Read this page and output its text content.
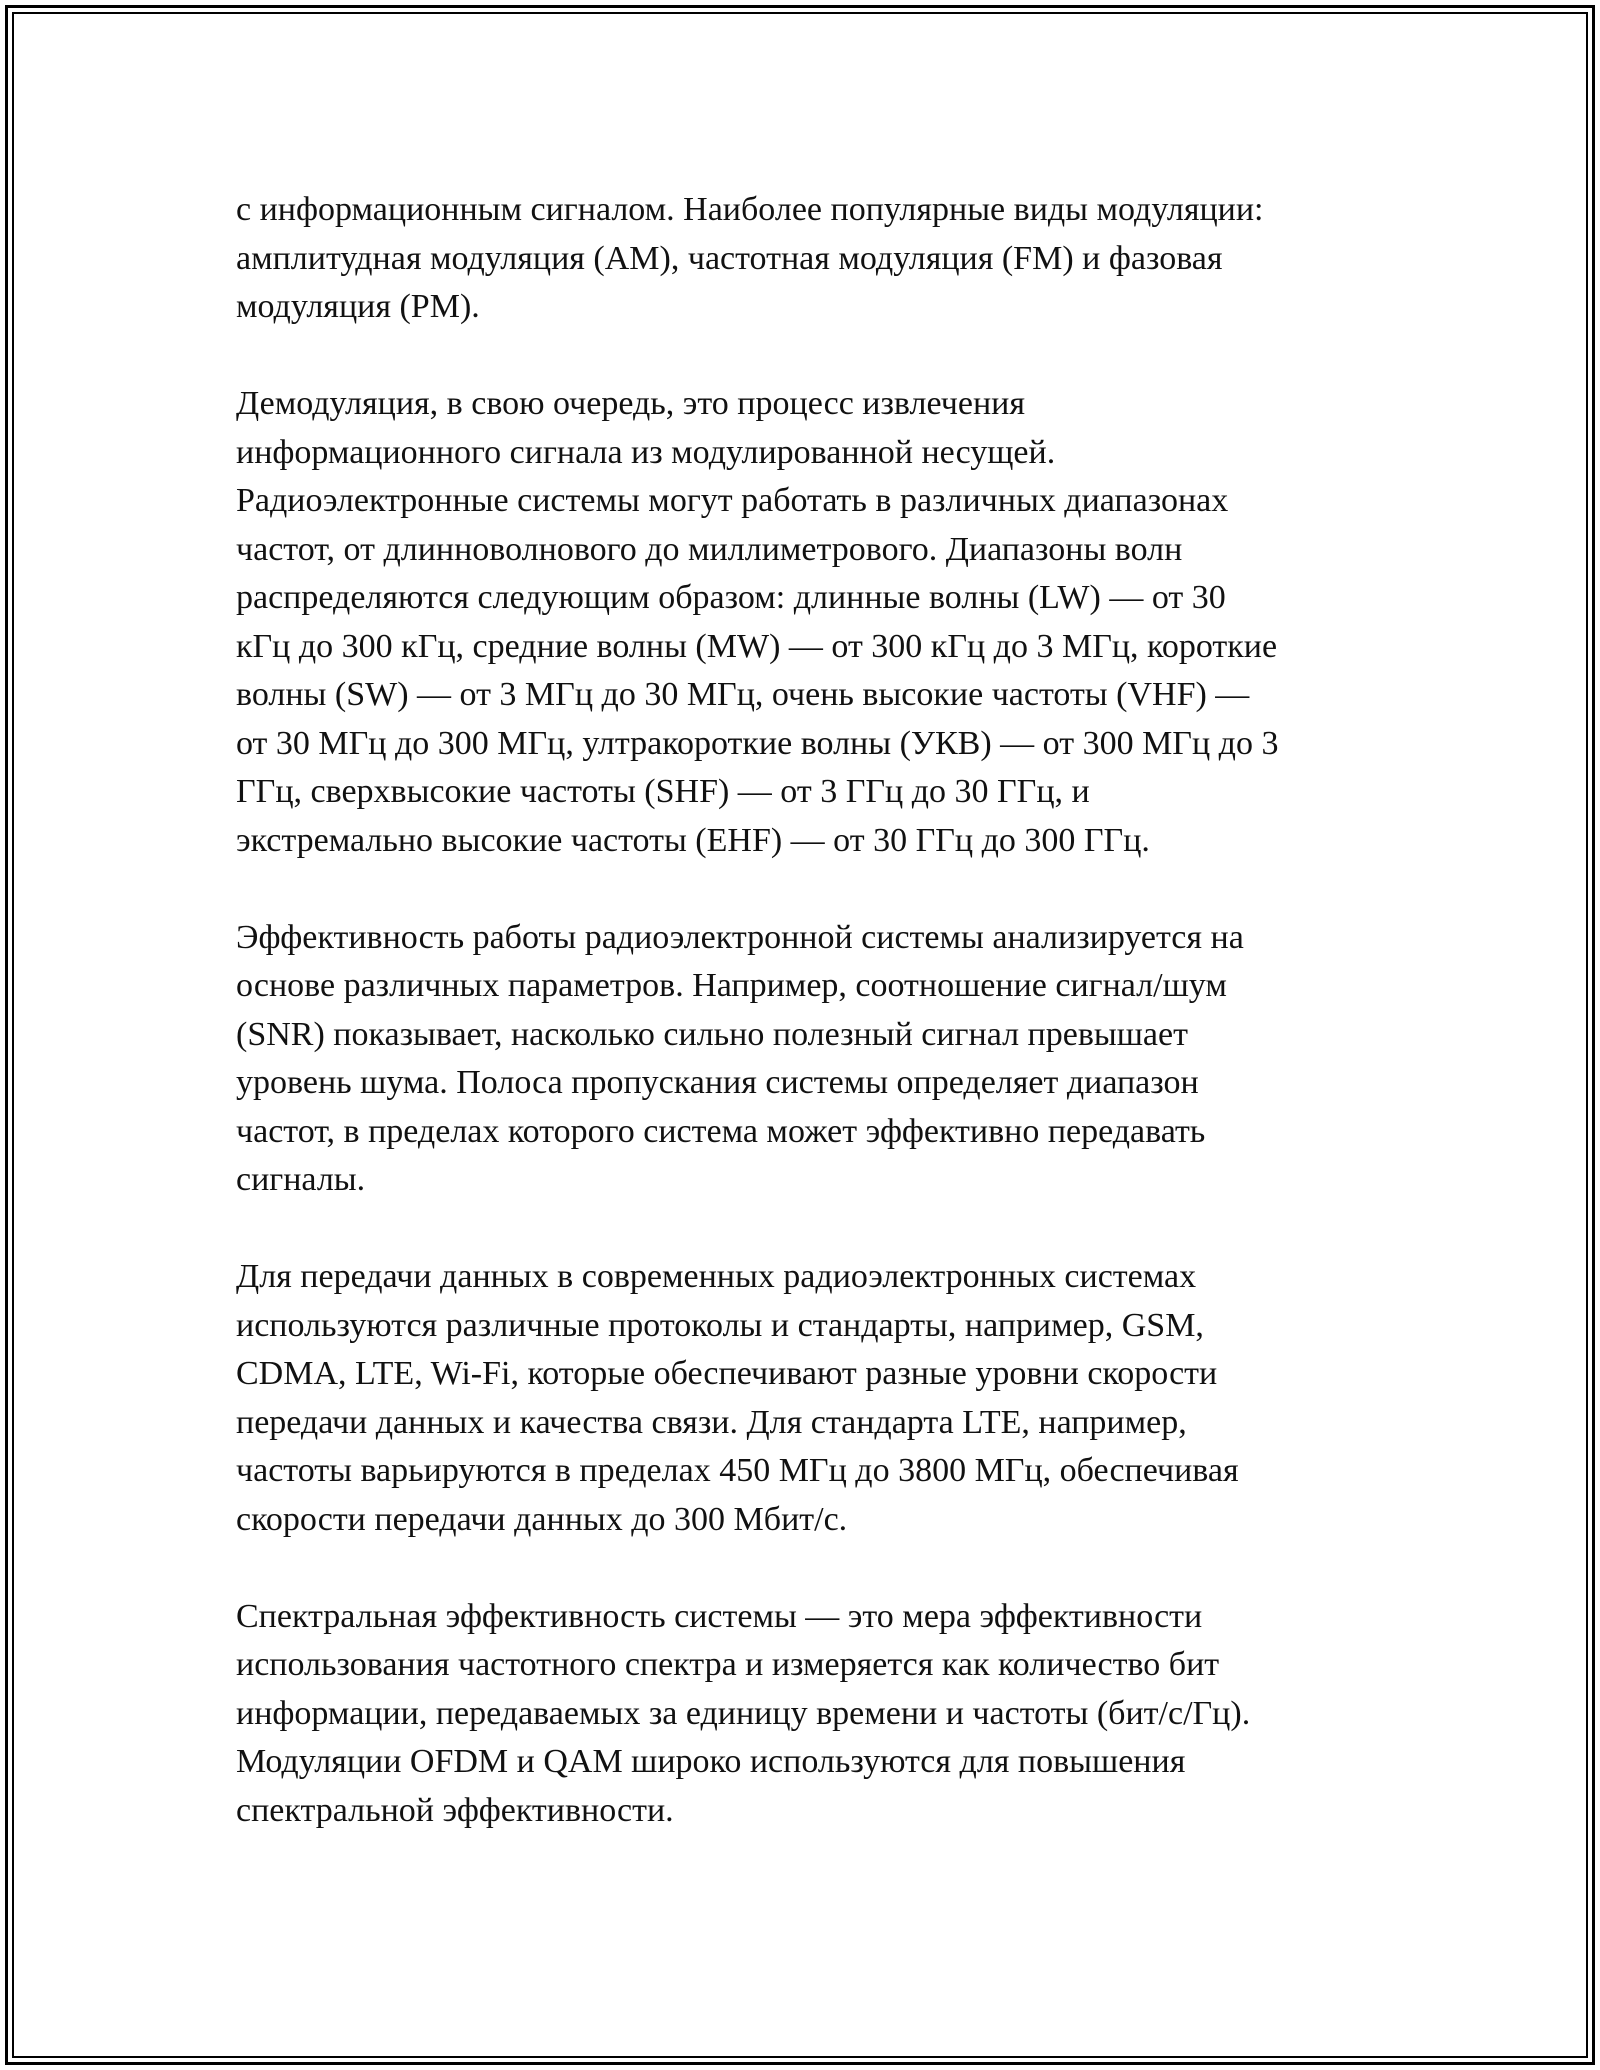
с информационным сигналом. Наиболее популярные виды модуляции:
амплитудная модуляция (AM), частотная модуляция (FM) и фазовая
модуляция (PM).

Демодуляция, в свою очередь, это процесс извлечения
информационного сигнала из модулированной несущей.
Радиоэлектронные системы могут работать в различных диапазонах
частот, от длинноволнового до миллиметрового. Диапазоны волн
распределяются следующим образом: длинные волны (LW) — от 30
кГц до 300 кГц, средние волны (MW) — от 300 кГц до 3 МГц, короткие
волны (SW) — от 3 МГц до 30 МГц, очень высокие частоты (VHF) —
от 30 МГц до 300 МГц, ултракороткие волны (УКВ) — от 300 МГц до 3
ГГц, сверхвысокие частоты (SHF) — от 3 ГГц до 30 ГГц, и
экстремально высокие частоты (EHF) — от 30 ГГц до 300 ГГц.

Эффективность работы радиоэлектронной системы анализируется на
основе различных параметров. Например, соотношение сигнал/шум
(SNR) показывает, насколько сильно полезный сигнал превышает
уровень шума. Полоса пропускания системы определяет диапазон
частот, в пределах которого система может эффективно передавать
сигналы.

Для передачи данных в современных радиоэлектронных системах
используются различные протоколы и стандарты, например, GSM,
CDMA, LTE, Wi-Fi, которые обеспечивают разные уровни скорости
передачи данных и качества связи. Для стандарта LTE, например,
частоты варьируются в пределах 450 МГц до 3800 МГц, обеспечивая
скорости передачи данных до 300 Мбит/с.

Спектральная эффективность системы — это мера эффективности
использования частотного спектра и измеряется как количество бит
информации, передаваемых за единицу времени и частоты (бит/с/Гц).
Модуляции OFDM и QAM широко используются для повышения
спектральной эффективности.
